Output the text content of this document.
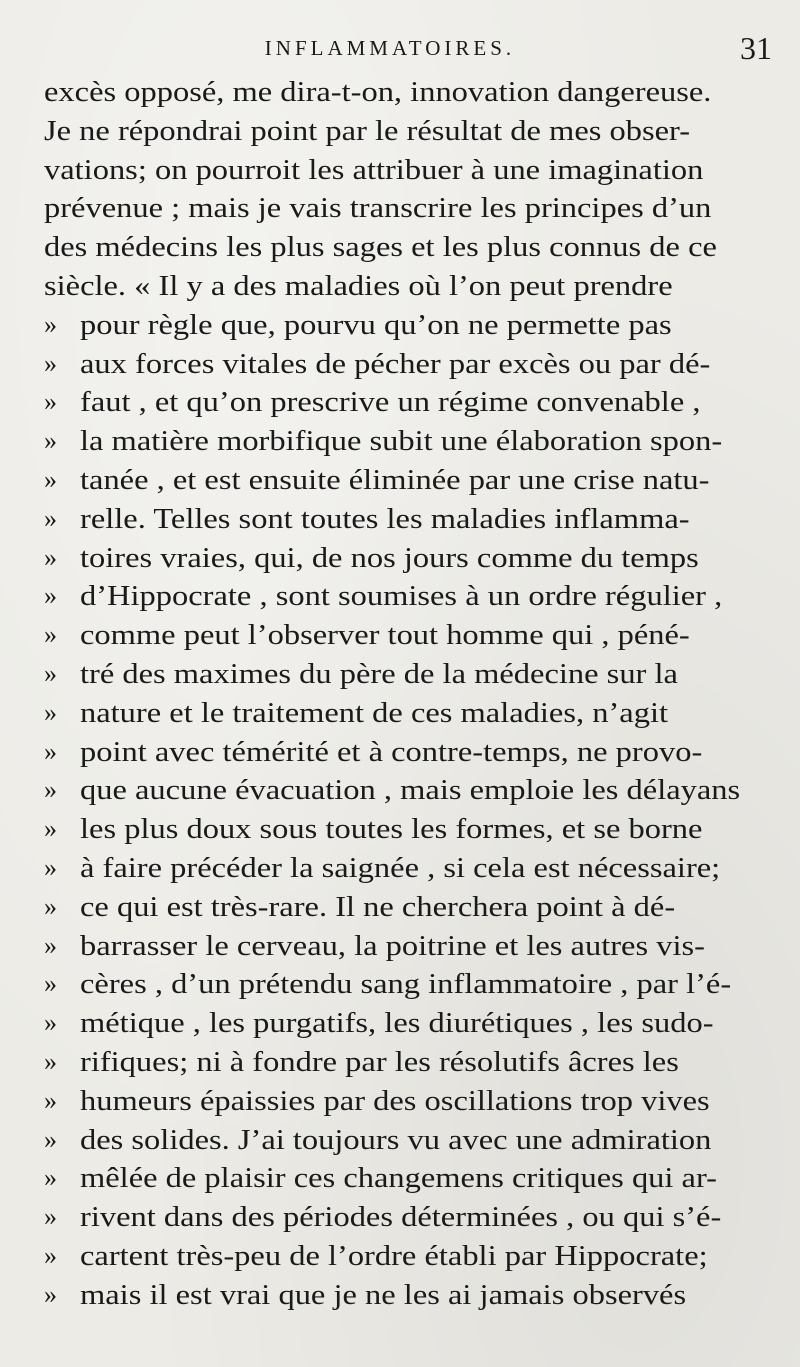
INFLAMMATOIRES.	31
excès opposé, me dira-t-on, innovation dangereuse.
Je ne répondrai point par le résultat de mes obser-
vations; on pourroit les attribuer à une imagination
prévenue ; mais je vais transcrire les principes d’un
des médecins les plus sages et les plus connus de ce
siècle. « Il y a des maladies où l’on peut prendre
» pour règle que, pourvu qu’on ne permette pas
» aux forces vitales de pécher par excès ou par dé-
» faut , et qu’on prescrive un régime convenable ,
» la matière morbifique subit une élaboration spon-
» tanée , et est ensuite éliminée par une crise natu-
» relle. Telles sont toutes les maladies inflamma-
» toires vraies, qui, de nos jours comme du temps
» d’Hippocrate , sont soumises à un ordre régulier ,
» comme peut l’observer tout homme qui , péné-
» tré des maximes du père de la médecine sur la
» nature et le traitement de ces maladies, n’agit
» point avec témérité et à contre-temps, ne provo-
» que aucune évacuation , mais emploie les délayans
» les plus doux sous toutes les formes, et se borne
» à faire précéder la saignée , si cela est nécessaire;
» ce qui est très-rare. Il ne cherchera point à dé-
» barrasser le cerveau, la poitrine et les autres vis-
» cères , d’un prétendu sang inflammatoire , par l’é-
» métique , les purgatifs, les diurétiques , les sudo-
» rifiques; ni à fondre par les résolutifs âcres les
» humeurs épaissies par des oscillations trop vives
» des solides. J’ai toujours vu avec une admiration
» mêlée de plaisir ces changemens critiques qui ar-
» rivent dans des périodes déterminées , ou qui s’é-
» cartent très-peu de l’ordre établi par Hippocrate;
» mais il est vrai que je ne les ai jamais observés
